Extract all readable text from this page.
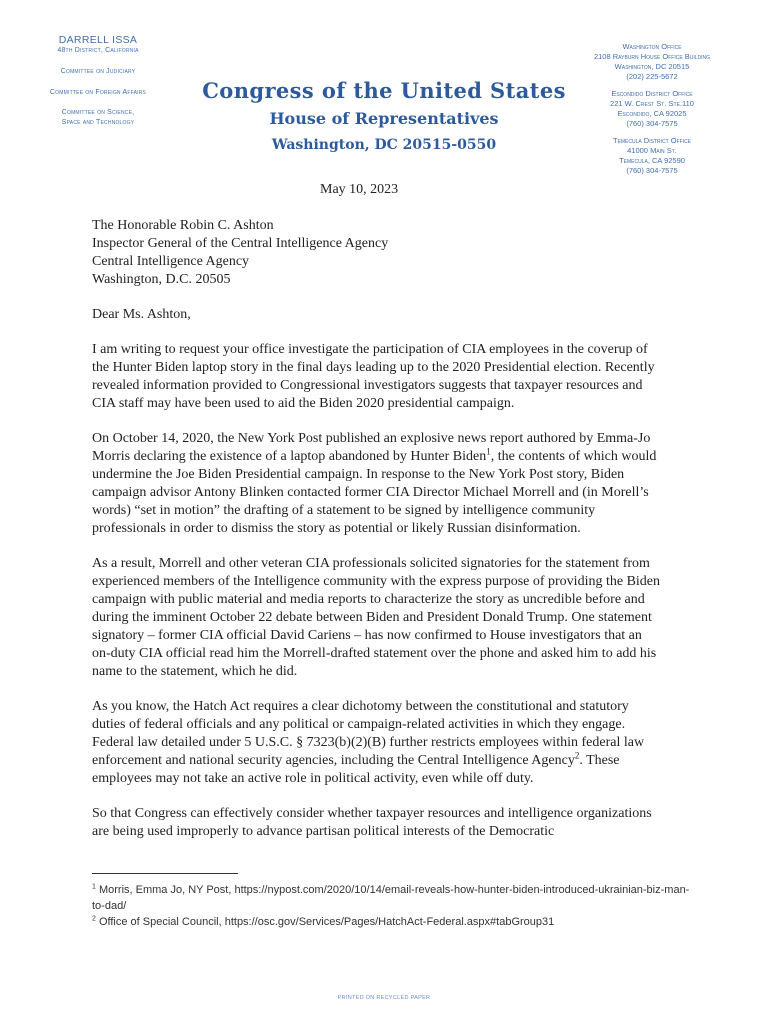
DARRELL ISSA
48th District, California
Committee on Judiciary
Committee on Foreign Affairs
Committee on Science,
Space and Technology
Congress of the United States
House of Representatives
Washington, DC 20515-0550
Washington Office
2108 Rayburn House Office Building
Washington, DC 20515
(202) 225-5672
Escondido District Office
221 W. Crest St. Ste.110
Escondido, CA 92025
(760) 304-7575
Temecula District Office
41000 Main St.
Temecula, CA 92590
(760) 304-7575
May 10, 2023
The Honorable Robin C. Ashton
Inspector General of the Central Intelligence Agency
Central Intelligence Agency
Washington, D.C. 20505

Dear Ms. Ashton,

I am writing to request your office investigate the participation of CIA employees in the coverup of the Hunter Biden laptop story in the final days leading up to the 2020 Presidential election. Recently revealed information provided to Congressional investigators suggests that taxpayer resources and CIA staff may have been used to aid the Biden 2020 presidential campaign.

On October 14, 2020, the New York Post published an explosive news report authored by Emma-Jo Morris declaring the existence of a laptop abandoned by Hunter Biden$^1$, the contents of which would undermine the Joe Biden Presidential campaign. In response to the New York Post story, Biden campaign advisor Antony Blinken contacted former CIA Director Michael Morrell and (in Morell’s words) “set in motion” the drafting of a statement to be signed by intelligence community professionals in order to dismiss the story as potential or likely Russian disinformation.

As a result, Morrell and other veteran CIA professionals solicited signatories for the statement from experienced members of the Intelligence community with the express purpose of providing the Biden campaign with public material and media reports to characterize the story as uncredible before and during the imminent October 22 debate between Biden and President Donald Trump. One statement signatory – former CIA official David Cariens – has now confirmed to House investigators that an on-duty CIA official read him the Morrell-drafted statement over the phone and asked him to add his name to the statement, which he did.

As you know, the Hatch Act requires a clear dichotomy between the constitutional and statutory duties of federal officials and any political or campaign-related activities in which they engage. Federal law detailed under 5 U.S.C. § 7323(b)(2)(B) further restricts employees within federal law enforcement and national security agencies, including the Central Intelligence Agency$^2$. These employees may not take an active role in political activity, even while off duty.

So that Congress can effectively consider whether taxpayer resources and intelligence organizations are being used improperly to advance partisan political interests of the Democratic

$^1$ Morris, Emma Jo, NY Post, https://nypost.com/2020/10/14/email-reveals-how-hunter-biden-introduced-ukrainian-biz-man-to-dad/
$^2$ Office of Special Council, https://osc.gov/Services/Pages/HatchAct-Federal.aspx#tabGroup31
PRINTED ON RECYCLED PAPER
